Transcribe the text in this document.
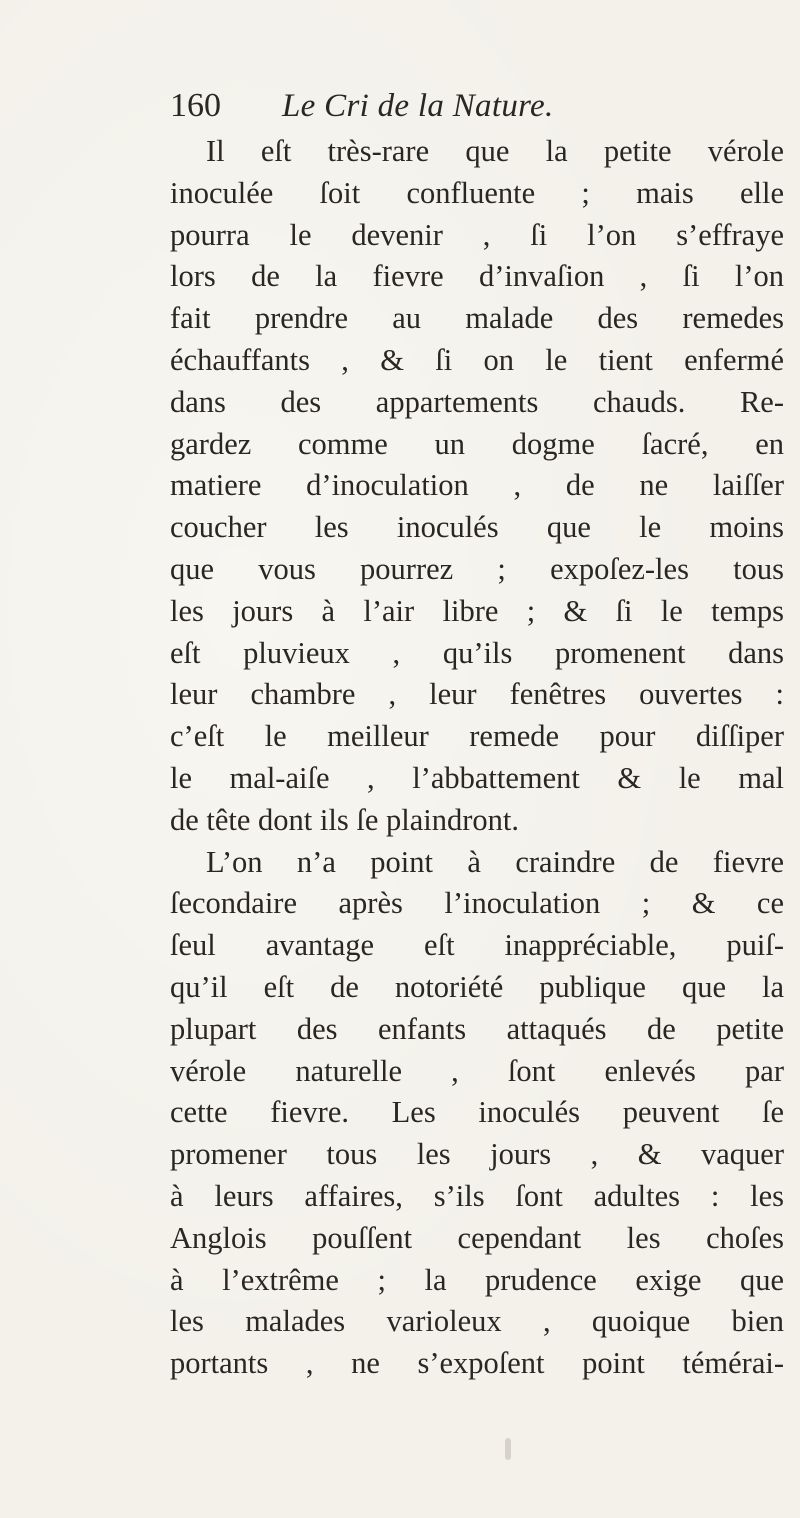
160 Le Cri de la Nature.
Il eſt très-rare que la petite vérole
inoculée ſoit confluente ; mais elle
pourra le devenir , ſi l’on s’effraye
lors de la fievre d’invaſion , ſi l’on
fait prendre au malade des remedes
échauffants , & ſi on le tient enfermé
dans des appartements chauds. Re-
gardez comme un dogme ſacré, en
matiere d’inoculation , de ne laiſſer
coucher les inoculés que le moins
que vous pourrez ; expoſez-les tous
les jours à l’air libre ; & ſi le temps
eſt pluvieux , qu’ils promenent dans
leur chambre , leur fenêtres ouvertes :
c’eſt le meilleur remede pour diſſiper
le mal-aiſe , l’abbattement & le mal
de tête dont ils ſe plaindront.
L’on n’a point à craindre de fievre
ſecondaire après l’inoculation ; & ce
ſeul avantage eſt inappréciable, puiſ-
qu’il eſt de notoriété publique que la
plupart des enfants attaqués de petite
vérole naturelle , ſont enlevés par
cette fievre. Les inoculés peuvent ſe
promener tous les jours , & vaquer
à leurs affaires, s’ils ſont adultes : les
Anglois pouſſent cependant les choſes
à l’extrême ; la prudence exige que
les malades varioleux , quoique bien
portants , ne s’expoſent point témérai-
